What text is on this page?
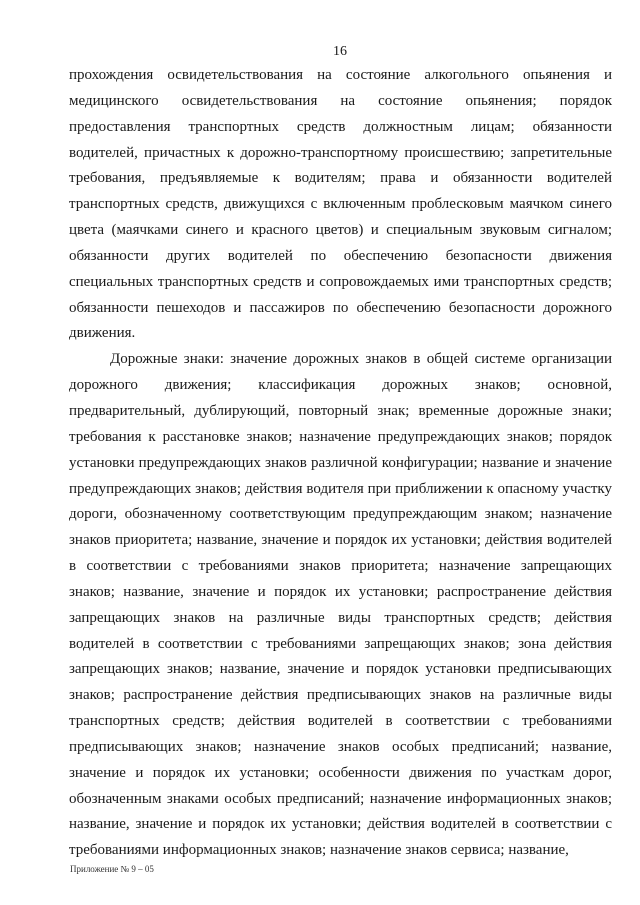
16

прохождения освидетельствования на состояние алкогольного опьянения и медицинского освидетельствования на состояние опьянения; порядок предоставления транспортных средств должностным лицам; обязанности водителей, причастных к дорожно-транспортному происшествию; запретительные требования, предъявляемые к водителям; права и обязанности водителей транспортных средств, движущихся с включенным проблесковым маячком синего цвета (маячками синего и красного цветов) и специальным звуковым сигналом; обязанности других водителей по обеспечению безопасности движения специальных транспортных средств и сопровождаемых ими транспортных средств; обязанности пешеходов и пассажиров по обеспечению безопасности дорожного движения.

Дорожные знаки: значение дорожных знаков в общей системе организации дорожного движения; классификация дорожных знаков; основной, предварительный, дублирующий, повторный знак; временные дорожные знаки; требования к расстановке знаков; назначение предупреждающих знаков; порядок установки предупреждающих знаков различной конфигурации; название и значение предупреждающих знаков; действия водителя при приближении к опасному участку дороги, обозначенному соответствующим предупреждающим знаком; назначение знаков приоритета; название, значение и порядок их установки; действия водителей в соответствии с требованиями знаков приоритета; назначение запрещающих знаков; название, значение и порядок их установки; распространение действия запрещающих знаков на различные виды транспортных средств; действия водителей в соответствии с требованиями запрещающих знаков; зона действия запрещающих знаков; название, значение и порядок установки предписывающих знаков; распространение действия предписывающих знаков на различные виды транспортных средств; действия водителей в соответствии с требованиями предписывающих знаков; назначение знаков особых предписаний; название, значение и порядок их установки; особенности движения по участкам дорог, обозначенным знаками особых предписаний; назначение информационных знаков; название, значение и порядок их установки; действия водителей в соответствии с требованиями информационных знаков; назначение знаков сервиса; название,

Приложение № 9 – 05
